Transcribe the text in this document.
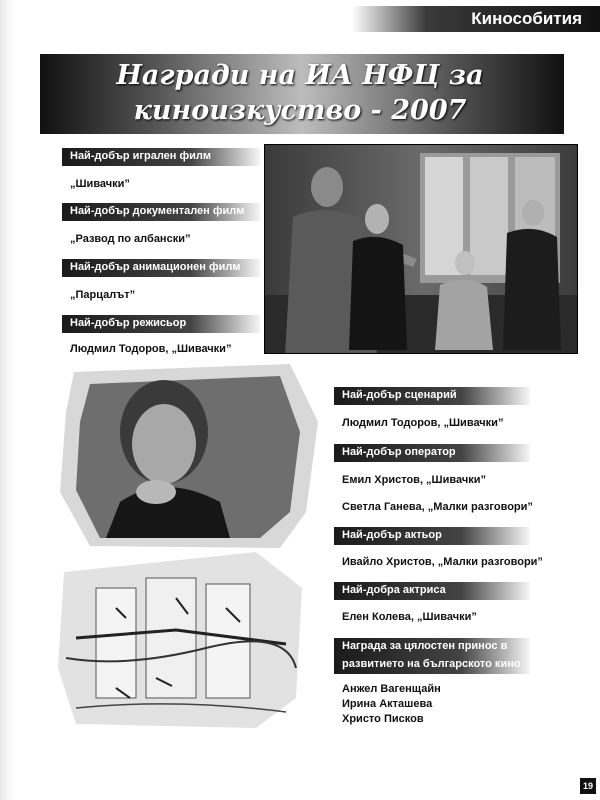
Кинособития
Награди на ИА НФЦ за
киноизкуство - 2007
Най-добър игрален филм
„Шивачки”
Най-добър документален филм
„Развод по албански”
Най-добър анимационен филм
„Парцалът”
Най-добър режисьор
Людмил Тодоров, „Шивачки”
Най-добър сценарий
Людмил Тодоров, „Шивачки”
Най-добър оператор
Емил Христов, „Шивачки”
Светла Ганева, „Малки разговори”
Най-добър актьор
Ивайло Христов, „Малки разговори”
Най-добра актриса
Елен Колева, „Шивачки”
Награда за цялостен принос в
развитието на българското кино
Анжел Вагенщайн
Ирина Акташева
Христо Писков
19
